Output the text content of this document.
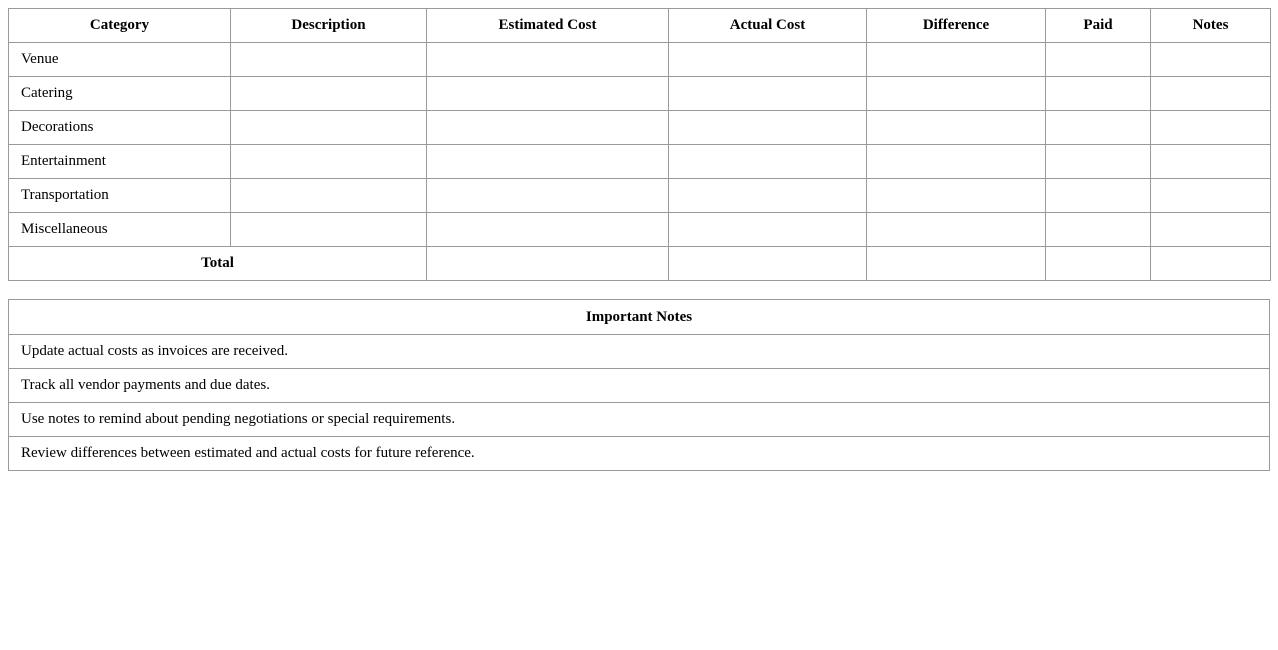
Category	Description	Estimated Cost	Actual Cost	Difference	Paid	Notes
Venue						
Catering						
Decorations						
Entertainment						
Transportation						
Miscellaneous						
Total						
Important Notes
Update actual costs as invoices are received.
Track all vendor payments and due dates.
Use notes to remind about pending negotiations or special requirements.
Review differences between estimated and actual costs for future reference.
